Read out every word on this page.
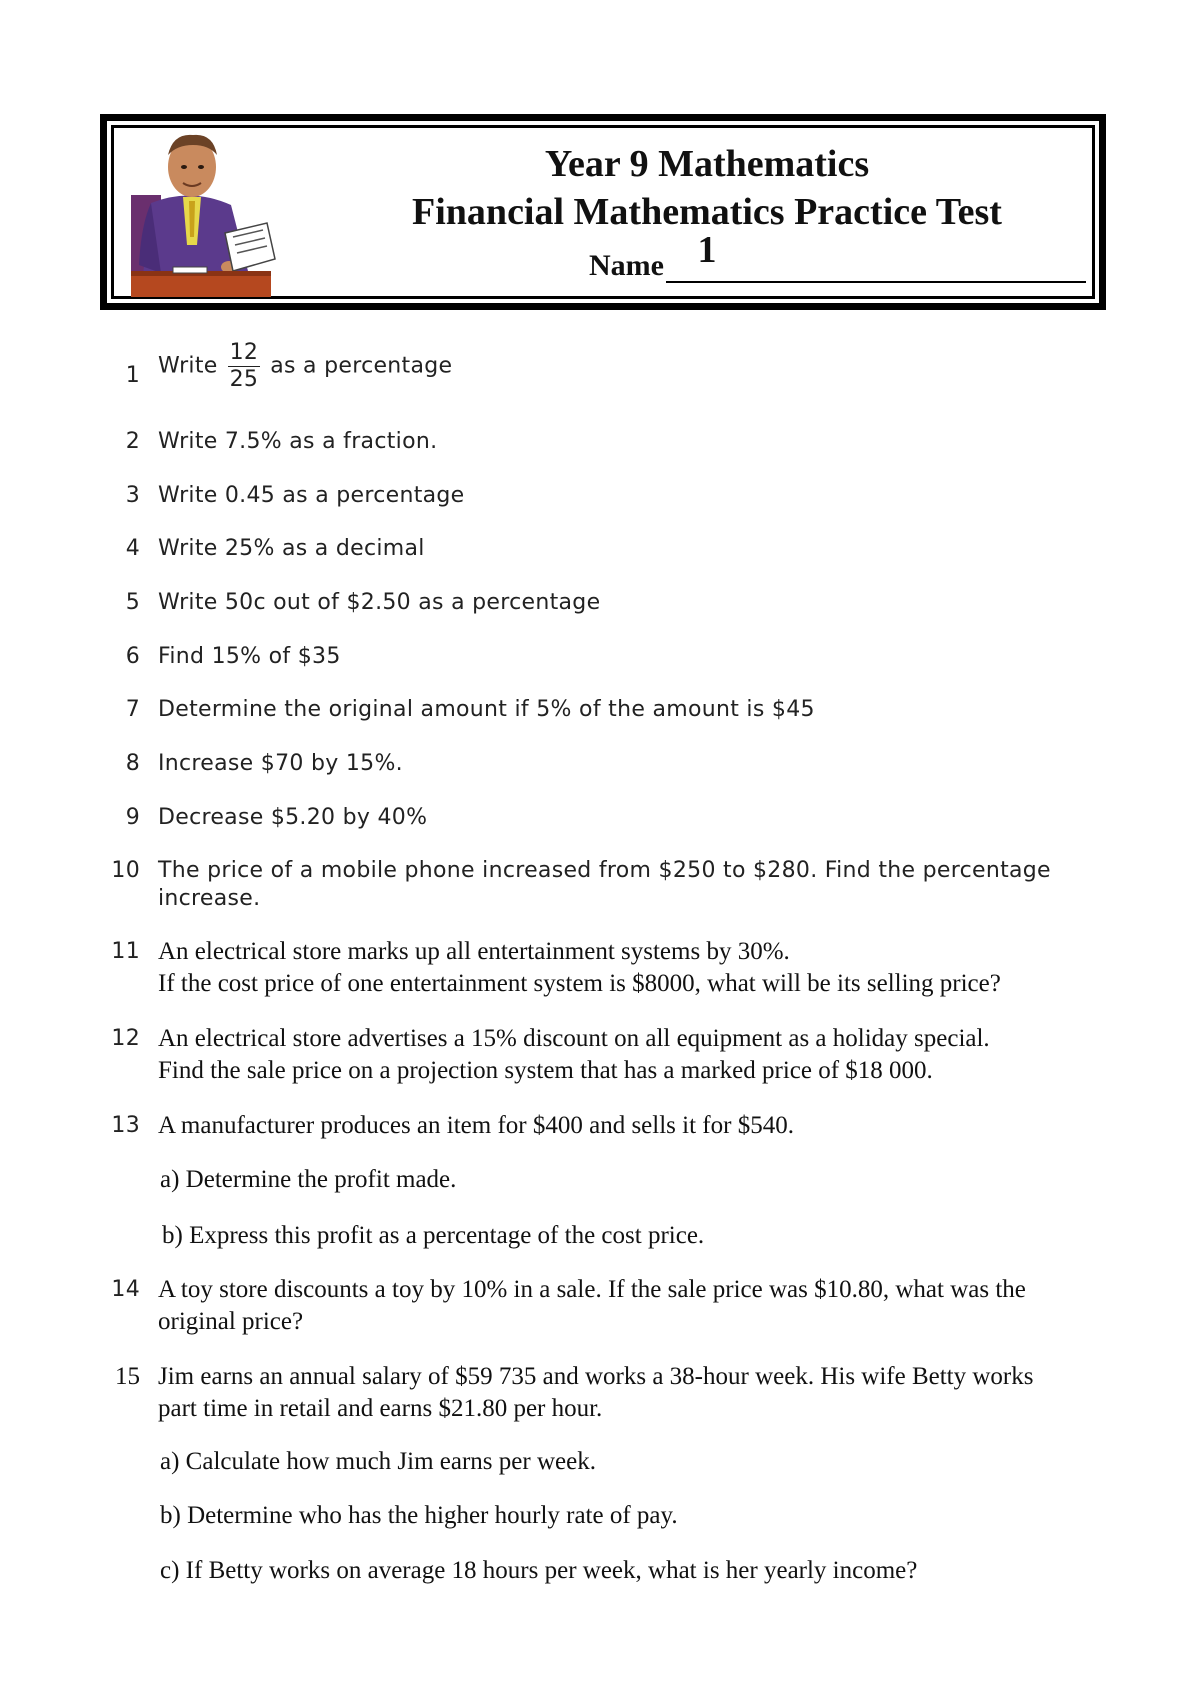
Year 9 Mathematics
Financial Mathematics Practice Test 1
Name
1 Write $\frac{12}{25}$ as a percentage
2 Write 7.5% as a fraction.
3 Write 0.45 as a percentage
4 Write 25% as a decimal
5 Write 50c out of $2.50 as a percentage
6 Find 15% of $35
7 Determine the original amount if 5% of the amount is $45
8 Increase $70 by 15%.
9 Decrease $5.20 by 40%
10 The price of a mobile phone increased from $250 to $280. Find the percentage
increase.
11 An electrical store marks up all entertainment systems by 30%.
If the cost price of one entertainment system is $8000, what will be its selling price?
12 An electrical store advertises a 15% discount on all equipment as a holiday special.
Find the sale price on a projection system that has a marked price of $18 000.
13 A manufacturer produces an item for $400 and sells it for $540.
a) Determine the profit made.
b) Express this profit as a percentage of the cost price.
14 A toy store discounts a toy by 10% in a sale. If the sale price was $10.80, what was the
original price?
15 Jim earns an annual salary of $59 735 and works a 38-hour week. His wife Betty works
part time in retail and earns $21.80 per hour.
a) Calculate how much Jim earns per week.
b) Determine who has the higher hourly rate of pay.
c) If Betty works on average 18 hours per week, what is her yearly income?
